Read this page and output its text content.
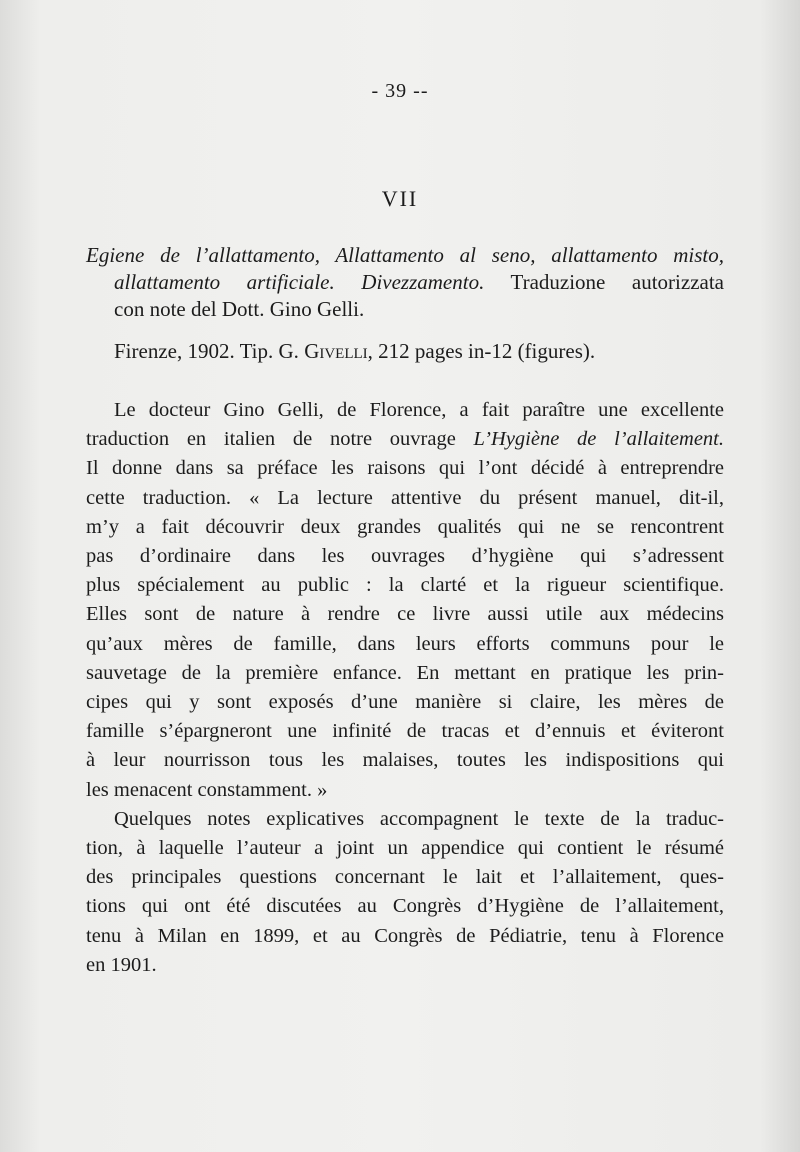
- 39 --
VII
Egiene de l’allattamento, Allattamento al seno, allattamento misto,
allattamento artificiale. Divezzamento. Traduzione autorizzata
con note del Dott. Gino Gelli.
Firenze, 1902. Tip. G. Givelli, 212 pages in-12 (figures).

Le docteur Gino Gelli, de Florence, a fait paraître une excellente
traduction en italien de notre ouvrage L’Hygiène de l’allaitement.
Il donne dans sa préface les raisons qui l’ont décidé à entreprendre
cette traduction. « La lecture attentive du présent manuel, dit-il,
m’y a fait découvrir deux grandes qualités qui ne se rencontrent
pas d’ordinaire dans les ouvrages d’hygiène qui s’adressent
plus spécialement au public : la clarté et la rigueur scientifique.
Elles sont de nature à rendre ce livre aussi utile aux médecins
qu’aux mères de famille, dans leurs efforts communs pour le
sauvetage de la première enfance. En mettant en pratique les prin-
cipes qui y sont exposés d’une manière si claire, les mères de
famille s’épargneront une infinité de tracas et d’ennuis et éviteront
à leur nourrisson tous les malaises, toutes les indispositions qui
les menacent constamment. »

Quelques notes explicatives accompagnent le texte de la traduc-
tion, à laquelle l’auteur a joint un appendice qui contient le résumé
des principales questions concernant le lait et l’allaitement, ques-
tions qui ont été discutées au Congrès d’Hygiène de l’allaitement,
tenu à Milan en 1899, et au Congrès de Pédiatrie, tenu à Florence
en 1901.
